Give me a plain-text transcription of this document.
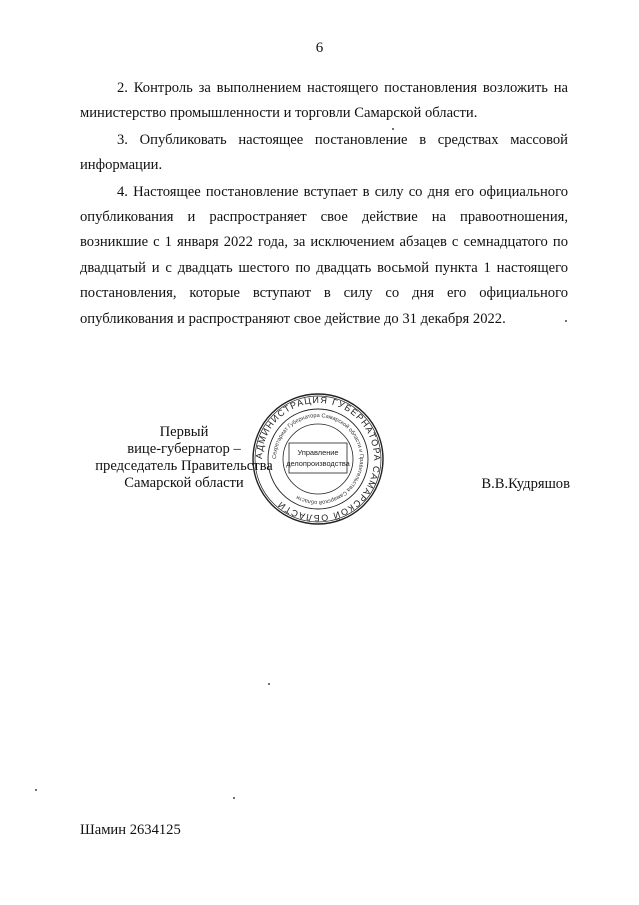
6

2. Контроль за выполнением настоящего постановления возложить на министерство промышленности и торговли Самарской области.

3. Опубликовать настоящее постановление в средствах массовой информации.

4. Настоящее постановление вступает в силу со дня его официального опубликования и распространяет свое действие на правоотношения, возникшие с 1 января 2022 года, за исключением абзацев с семнадцатого по двадцатый и с двадцать шестого по двадцать восьмой пункта 1 настоящего постановления, которые вступают в силу со дня его официального опубликования и распространяют свое действие до 31 декабря 2022.

Первый
вице-губернатор –
председатель Правительства
Самарской области	В.В.Кудряшов
АДМИНИСТРАЦИЯ ГУБЕРНАТОРА САМАРСКОЙ ОБЛАСТИ
Секретариат Губернатора Самарской области и Правительства Самарской области
Управление
делопроизводства
Шамин 2634125
